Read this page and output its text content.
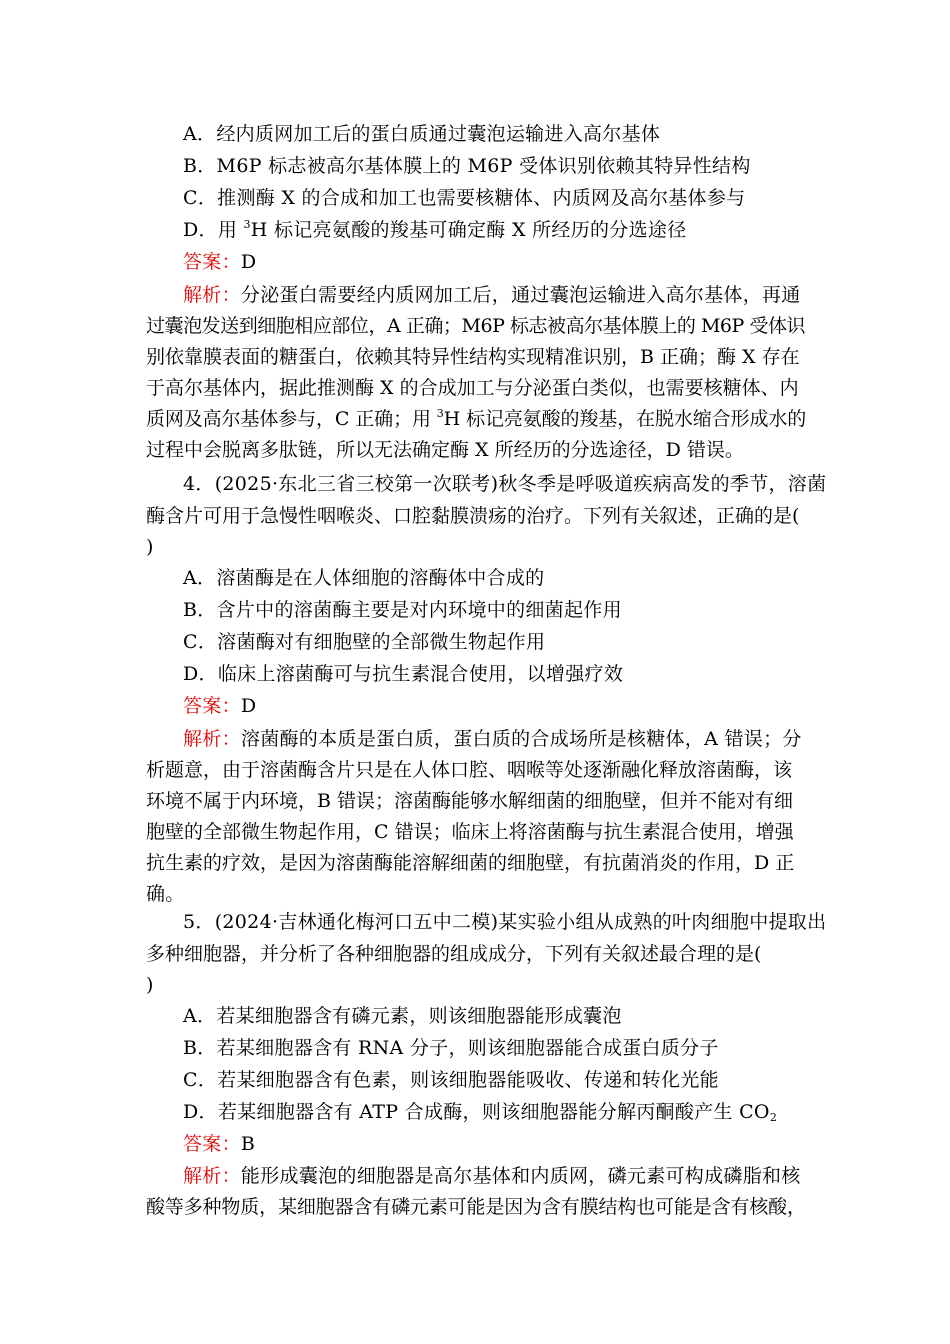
A．经内质网加工后的蛋白质通过囊泡运输进入高尔基体
B．M6P 标志被高尔基体膜上的 M6P 受体识别依赖其特异性结构
C．推测酶 X 的合成和加工也需要核糖体、内质网及高尔基体参与
D．用 $^3$H 标记亮氨酸的羧基可确定酶 X 所经历的分选途径
答案：D
解析：分泌蛋白需要经内质网加工后，通过囊泡运输进入高尔基体，再通
过囊泡发送到细胞相应部位，A 正确；M6P 标志被高尔基体膜上的 M6P 受体识
别依靠膜表面的糖蛋白，依赖其特异性结构实现精准识别，B 正确；酶 X 存在
于高尔基体内，据此推测酶 X 的合成加工与分泌蛋白类似，也需要核糖体、内
质网及高尔基体参与，C 正确；用 $^3$H 标记亮氨酸的羧基，在脱水缩合形成水的
过程中会脱离多肽链，所以无法确定酶 X 所经历的分选途径，D 错误。
4．(2025·东北三省三校第一次联考)秋冬季是呼吸道疾病高发的季节，溶菌
酶含片可用于急慢性咽喉炎、口腔黏膜溃疡的治疗。下列有关叙述，正确的是(
)
A．溶菌酶是在人体细胞的溶酶体中合成的
B．含片中的溶菌酶主要是对内环境中的细菌起作用
C．溶菌酶对有细胞壁的全部微生物起作用
D．临床上溶菌酶可与抗生素混合使用，以增强疗效
答案：D
解析：溶菌酶的本质是蛋白质，蛋白质的合成场所是核糖体，A 错误；分
析题意，由于溶菌酶含片只是在人体口腔、咽喉等处逐渐融化释放溶菌酶，该
环境不属于内环境，B 错误；溶菌酶能够水解细菌的细胞壁，但并不能对有细
胞壁的全部微生物起作用，C 错误；临床上将溶菌酶与抗生素混合使用，增强
抗生素的疗效，是因为溶菌酶能溶解细菌的细胞壁，有抗菌消炎的作用，D 正
确。
5．(2024·吉林通化梅河口五中二模)某实验小组从成熟的叶肉细胞中提取出
多种细胞器，并分析了各种细胞器的组成成分，下列有关叙述最合理的是(
)
A．若某细胞器含有磷元素，则该细胞器能形成囊泡
B．若某细胞器含有 RNA 分子，则该细胞器能合成蛋白质分子
C．若某细胞器含有色素，则该细胞器能吸收、传递和转化光能
D．若某细胞器含有 ATP 合成酶，则该细胞器能分解丙酮酸产生 $CO_2$
答案：B
解析：能形成囊泡的细胞器是高尔基体和内质网，磷元素可构成磷脂和核
酸等多种物质，某细胞器含有磷元素可能是因为含有膜结构也可能是含有核酸，
